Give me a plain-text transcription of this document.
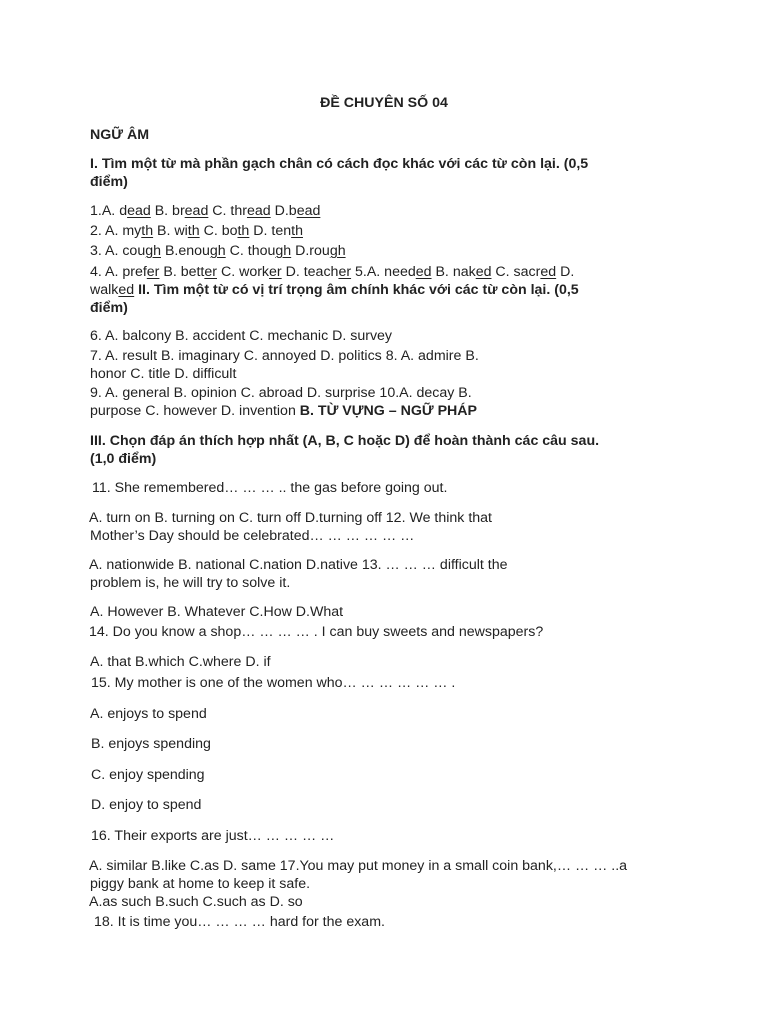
ĐỀ CHUYÊN SỐ 04
NGỮ ÂM
I. Tìm một từ mà phần gạch chân có cách đọc khác với các từ còn lại. (0,5
điểm)
1.A. dead B. bread C. thread D.bead
2. A. myth B. with C. both D. tenth
3. A. cough B.enough C. though D.rough
4. A. prefer B. better C. worker D. teacher 5.A. needed B. naked C. sacred D.
walked II. Tìm một từ có vị trí trọng âm chính khác với các từ còn lại. (0,5
điểm)
6. A. balcony B. accident C. mechanic D. survey
7. A. result B. imaginary C. annoyed D. politics 8. A. admire B.
honor C. title D. difficult
9. A. general B. opinion C. abroad D. surprise 10.A. decay B.
purpose C. however D. invention B. TỪ VỰNG – NGỮ PHÁP
III. Chọn đáp án thích hợp nhất (A, B, C hoặc D) để hoàn thành các câu sau.
(1,0 điểm)
11. She remembered… … … .. the gas before going out.
A. turn on B. turning on C. turn off D.turning off 12. We think that
Mother’s Day should be celebrated… … … … … …
A. nationwide B. national C.nation D.native 13. … … … difficult the
problem is, he will try to solve it.
A. However B. Whatever C.How D.What
14. Do you know a shop… … … … . I can buy sweets and newspapers?
A. that B.which C.where D. if
15. My mother is one of the women who… … … … … … .
A. enjoys to spend
B. enjoys spending
C. enjoy spending
D. enjoy to spend
16. Their exports are just… … … … …
A. similar B.like C.as D. same 17.You may put money in a small coin bank,… … … ..a
piggy bank at home to keep it safe.
A.as such B.such C.such as D. so
18. It is time you… … … … hard for the exam.
